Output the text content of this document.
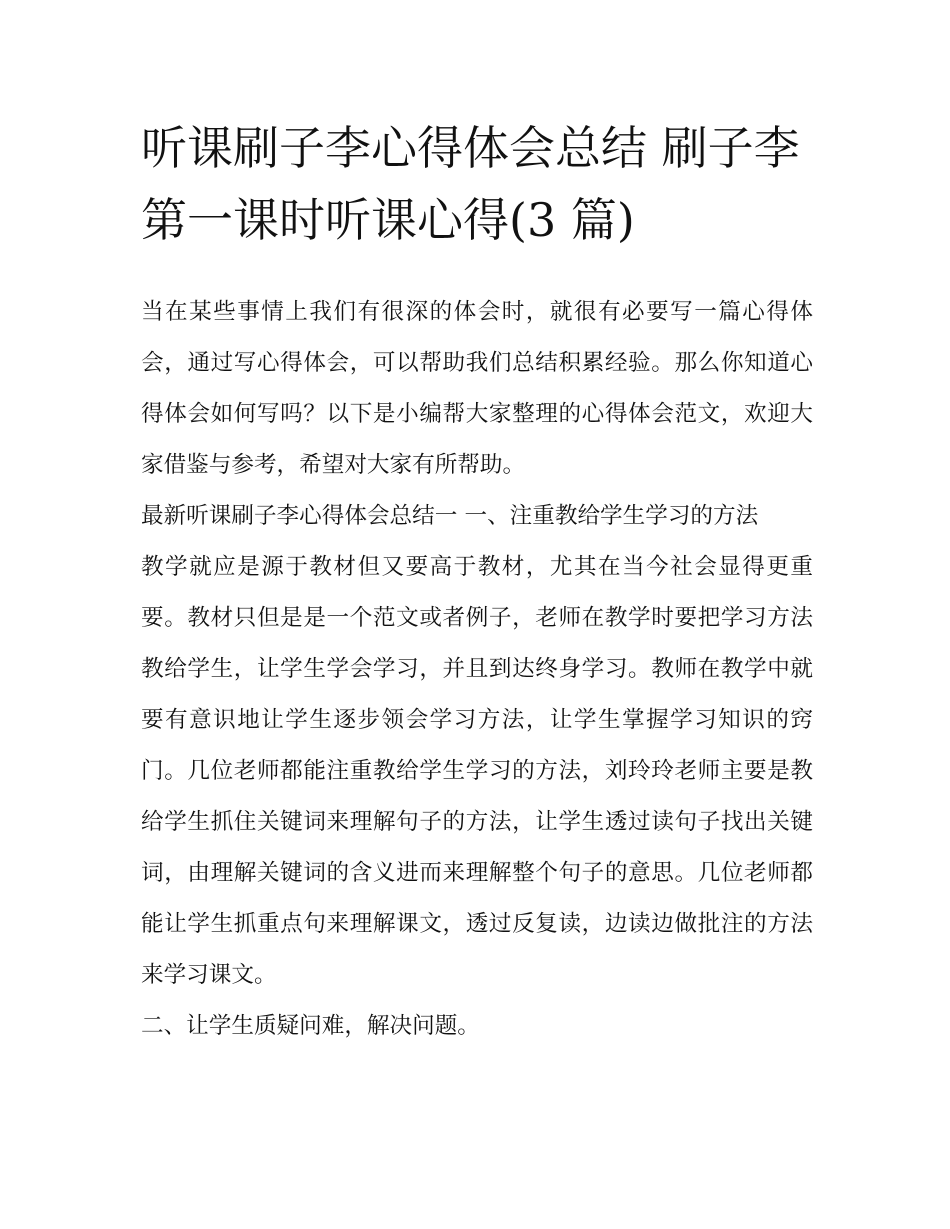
听课刷子李心得体会总结 刷子李第一课时听课心得(3 篇)

当在某些事情上我们有很深的体会时，就很有必要写一篇心得体会，通过写心得体会，可以帮助我们总结积累经验。那么你知道心得体会如何写吗？以下是小编帮大家整理的心得体会范文，欢迎大家借鉴与参考，希望对大家有所帮助。

最新听课刷子李心得体会总结一 一、注重教给学生学习的方法

教学就应是源于教材但又要高于教材，尤其在当今社会显得更重要。教材只但是是一个范文或者例子，老师在教学时要把学习方法教给学生，让学生学会学习，并且到达终身学习。教师在教学中就要有意识地让学生逐步领会学习方法，让学生掌握学习知识的窍门。几位老师都能注重教给学生学习的方法，刘玲玲老师主要是教给学生抓住关键词来理解句子的方法，让学生透过读句子找出关键词，由理解关键词的含义进而来理解整个句子的意思。几位老师都能让学生抓重点句来理解课文，透过反复读，边读边做批注的方法来学习课文。

二、让学生质疑问难，解决问题。
